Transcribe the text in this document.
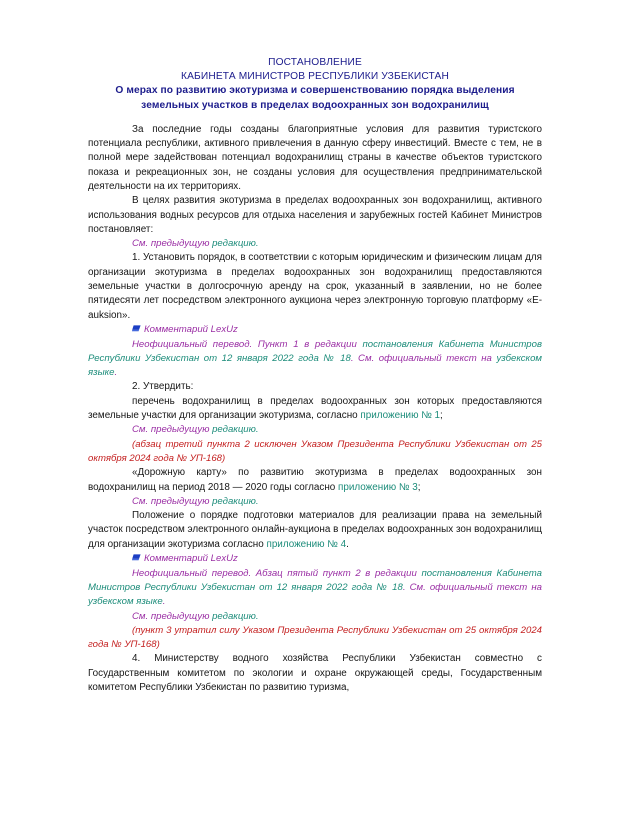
ПОСТАНОВЛЕНИЕ
КАБИНЕТА МИНИСТРОВ РЕСПУБЛИКИ УЗБЕКИСТАН
О мерах по развитию экотуризма и совершенствованию порядка выделения
земельных участков в пределах водоохранных зон водохранилищ

За последние годы созданы благоприятные условия для развития туристского потенциала республики, активного привлечения в данную сферу инвестиций. Вместе с тем, не в полной мере задействован потенциал водохранилищ страны в качестве объектов туристского показа и рекреационных зон, не созданы условия для осуществления предпринимательской деятельности на их территориях.

В целях развития экотуризма в пределах водоохранных зон водохранилищ, активного использования водных ресурсов для отдыха населения и зарубежных гостей Кабинет Министров постановляет:

См. предыдущую редакцию.

1. Установить порядок, в соответствии с которым юридическим и физическим лицам для организации экотуризма в пределах водоохранных зон водохранилищ предоставляются земельные участки в долгосрочную аренду на срок, указанный в заявлении, но не более пятидесяти лет посредством электронного аукциона через электронную торговую платформу «E-auksion».

Комментарий LexUz

Неофициальный перевод. Пункт 1 в редакции постановления Кабинета Министров Республики Узбекистан от 12 января 2022 года № 18. См. официальный текст на узбекском языке.

2. Утвердить:

перечень водохранилищ в пределах водоохранных зон которых предоставляются земельные участки для организации экотуризма, согласно приложению № 1;

См. предыдущую редакцию.

(абзац третий пункта 2 исключен Указом Президента Республики Узбекистан от 25 октября 2024 года № УП-168)

«Дорожную карту» по развитию экотуризма в пределах водоохранных зон водохранилищ на период 2018 — 2020 годы согласно приложению № 3;

См. предыдущую редакцию.

Положение о порядке подготовки материалов для реализации права на земельный участок посредством электронного онлайн-аукциона в пределах водоохранных зон водохранилищ для организации экотуризма согласно приложению № 4.

Комментарий LexUz

Неофициальный перевод. Абзац пятый пункт 2 в редакции постановления Кабинета Министров Республики Узбекистан от 12 января 2022 года № 18. См. официальный текст на узбекском языке.

См. предыдущую редакцию.

(пункт 3 утратил силу Указом Президента Республики Узбекистан от 25 октября 2024 года № УП-168)

4. Министерству водного хозяйства Республики Узбекистан совместно с Государственным комитетом по экологии и охране окружающей среды, Государственным комитетом Республики Узбекистан по развитию туризма,
